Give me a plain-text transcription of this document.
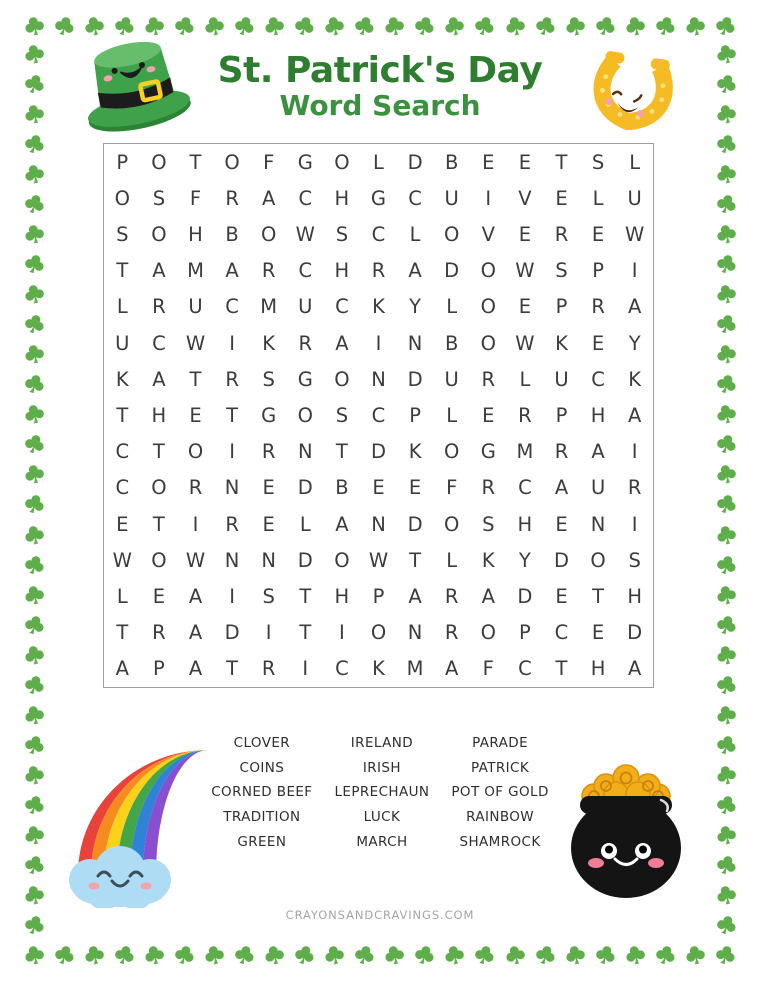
St. Patrick's Day
Word Search
P	O	T	O	F	G	O	L	D	B	E	E	T	S	L
O	S	F	R	A	C	H	G	C	U	I	V	E	L	U
S	O	H	B	O W	S	C	L	O	V	E	R	E	W
T	A	M	A	R	C	H	R	A	D	O W	S	P	I
L	R	U	C	M	U	C	K	Y	L	O	E	P	R	A
U	C	W	I	K	R	A	I	N	B	O W	K	E	Y
K	A	T	R	S	G	O	N	D	U	R	L	U	C	K
T	H	E	T	G	O	S	C	P	L	E	R	P	H	A
C	T	O	I	R	N	T	D	K	O	G	M	R	A	I
C	O	R	N	E	D	B	E	E	F	R	C	A	U	R
E	T	I	R	E	L	A	N	D	O	S	H	E	N	I
W O W	N	N	D	O W	T	L	K	Y	D	O	S
L	E	A	I	S	T	H	P	A	R	A	D	E	T	H
T	R	A	D	I	T	I	O	N	R	O	P	C	E	D
A	P	A	T	R	I	C	K	M	A	F	C	T	H	A
CLOVER
COINS
CORNED BEEF
TRADITION
GREEN
IRELAND
IRISH
LEPRECHAUN
LUCK
MARCH
PARADE
PATRICK
POT OF GOLD
RAINBOW
SHAMROCK
CRAYONSANDCRAVINGS.COM
